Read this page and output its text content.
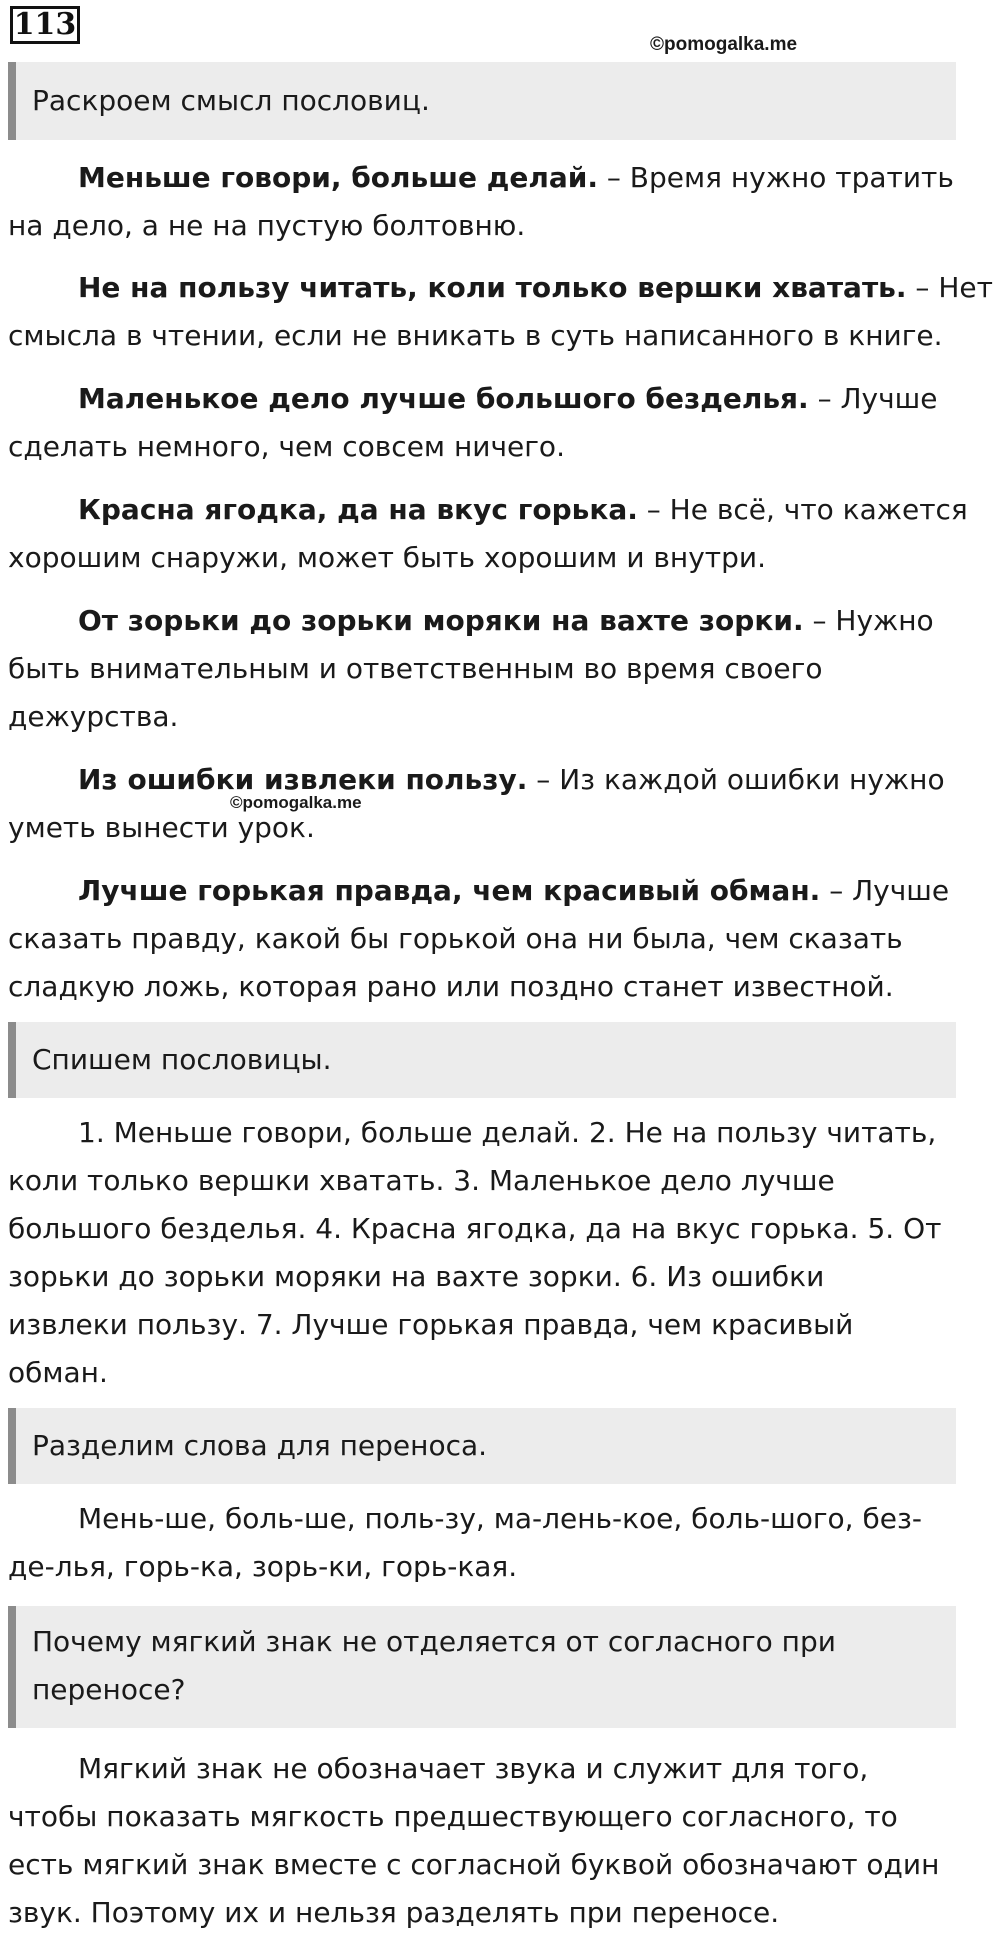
113
©pomogalka.me
Раскроем смысл пословиц.
Меньше говори, больше делай. – Время нужно тратить
на дело, а не на пустую болтовню.
Не на пользу читать, коли только вершки хватать. – Нет
смысла в чтении, если не вникать в суть написанного в книге.
Маленькое дело лучше большого безделья. – Лучше
сделать немного, чем совсем ничего.
Красна ягодка, да на вкус горька. – Не всё, что кажется
хорошим снаружи, может быть хорошим и внутри.
От зорьки до зорьки моряки на вахте зорки. – Нужно
быть внимательным и ответственным во время своего
дежурства.
Из ошибки извлеки пользу. – Из каждой ошибки нужно
уметь вынести урок.
©pomogalka.me
Лучше горькая правда, чем красивый обман. – Лучше
сказать правду, какой бы горькой она ни была, чем сказать
сладкую ложь, которая рано или поздно станет известной.
Спишем пословицы.
1. Меньше говори, больше делай. 2. Не на пользу читать,
коли только вершки хватать. 3. Маленькое дело лучше
большого безделья. 4. Красна ягодка, да на вкус горька. 5. От
зорьки до зорьки моряки на вахте зорки. 6. Из ошибки
извлеки пользу. 7. Лучше горькая правда, чем красивый
обман.
Разделим слова для переноса.
Мень-ше, боль-ше, поль-зу, ма-лень-кое, боль-шого, без-
де-лья, горь-ка, зорь-ки, горь-кая.
Почему мягкий знак не отделяется от согласного при
переносе?
Мягкий знак не обозначает звука и служит для того,
чтобы показать мягкость предшествующего согласного, то
есть мягкий знак вместе с согласной буквой обозначают один
звук. Поэтому их и нельзя разделять при переносе.
